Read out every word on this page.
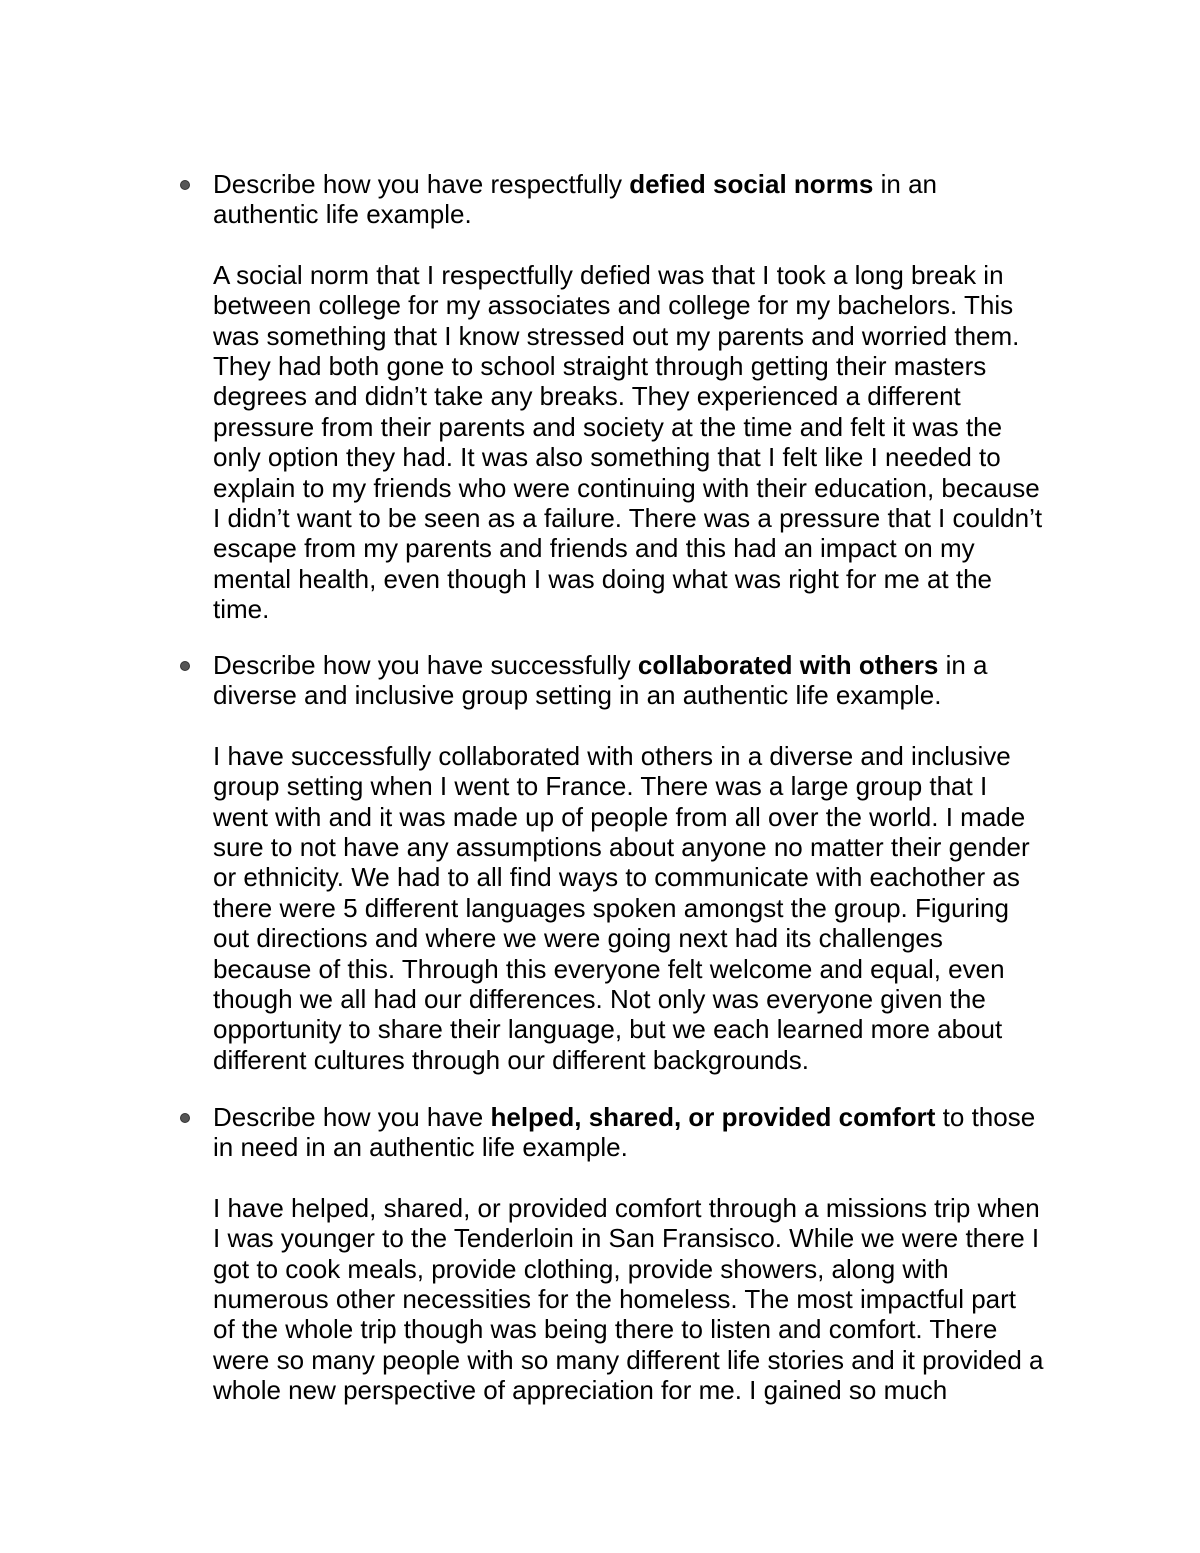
Describe how you have respectfully defied social norms in an
authentic life example.
A social norm that I respectfully defied was that I took a long break in
between college for my associates and college for my bachelors. This
was something that I know stressed out my parents and worried them.
They had both gone to school straight through getting their masters
degrees and didn’t take any breaks. They experienced a different
pressure from their parents and society at the time and felt it was the
only option they had. It was also something that I felt like I needed to
explain to my friends who were continuing with their education, because
I didn’t want to be seen as a failure. There was a pressure that I couldn’t
escape from my parents and friends and this had an impact on my
mental health, even though I was doing what was right for me at the
time.
Describe how you have successfully collaborated with others in a
diverse and inclusive group setting in an authentic life example.
I have successfully collaborated with others in a diverse and inclusive
group setting when I went to France. There was a large group that I
went with and it was made up of people from all over the world. I made
sure to not have any assumptions about anyone no matter their gender
or ethnicity. We had to all find ways to communicate with eachother as
there were 5 different languages spoken amongst the group. Figuring
out directions and where we were going next had its challenges
because of this. Through this everyone felt welcome and equal, even
though we all had our differences. Not only was everyone given the
opportunity to share their language, but we each learned more about
different cultures through our different backgrounds.
Describe how you have helped, shared, or provided comfort to those
in need in an authentic life example.
I have helped, shared, or provided comfort through a missions trip when
I was younger to the Tenderloin in San Fransisco. While we were there I
got to cook meals, provide clothing, provide showers, along with
numerous other necessities for the homeless. The most impactful part
of the whole trip though was being there to listen and comfort. There
were so many people with so many different life stories and it provided a
whole new perspective of appreciation for me. I gained so much
